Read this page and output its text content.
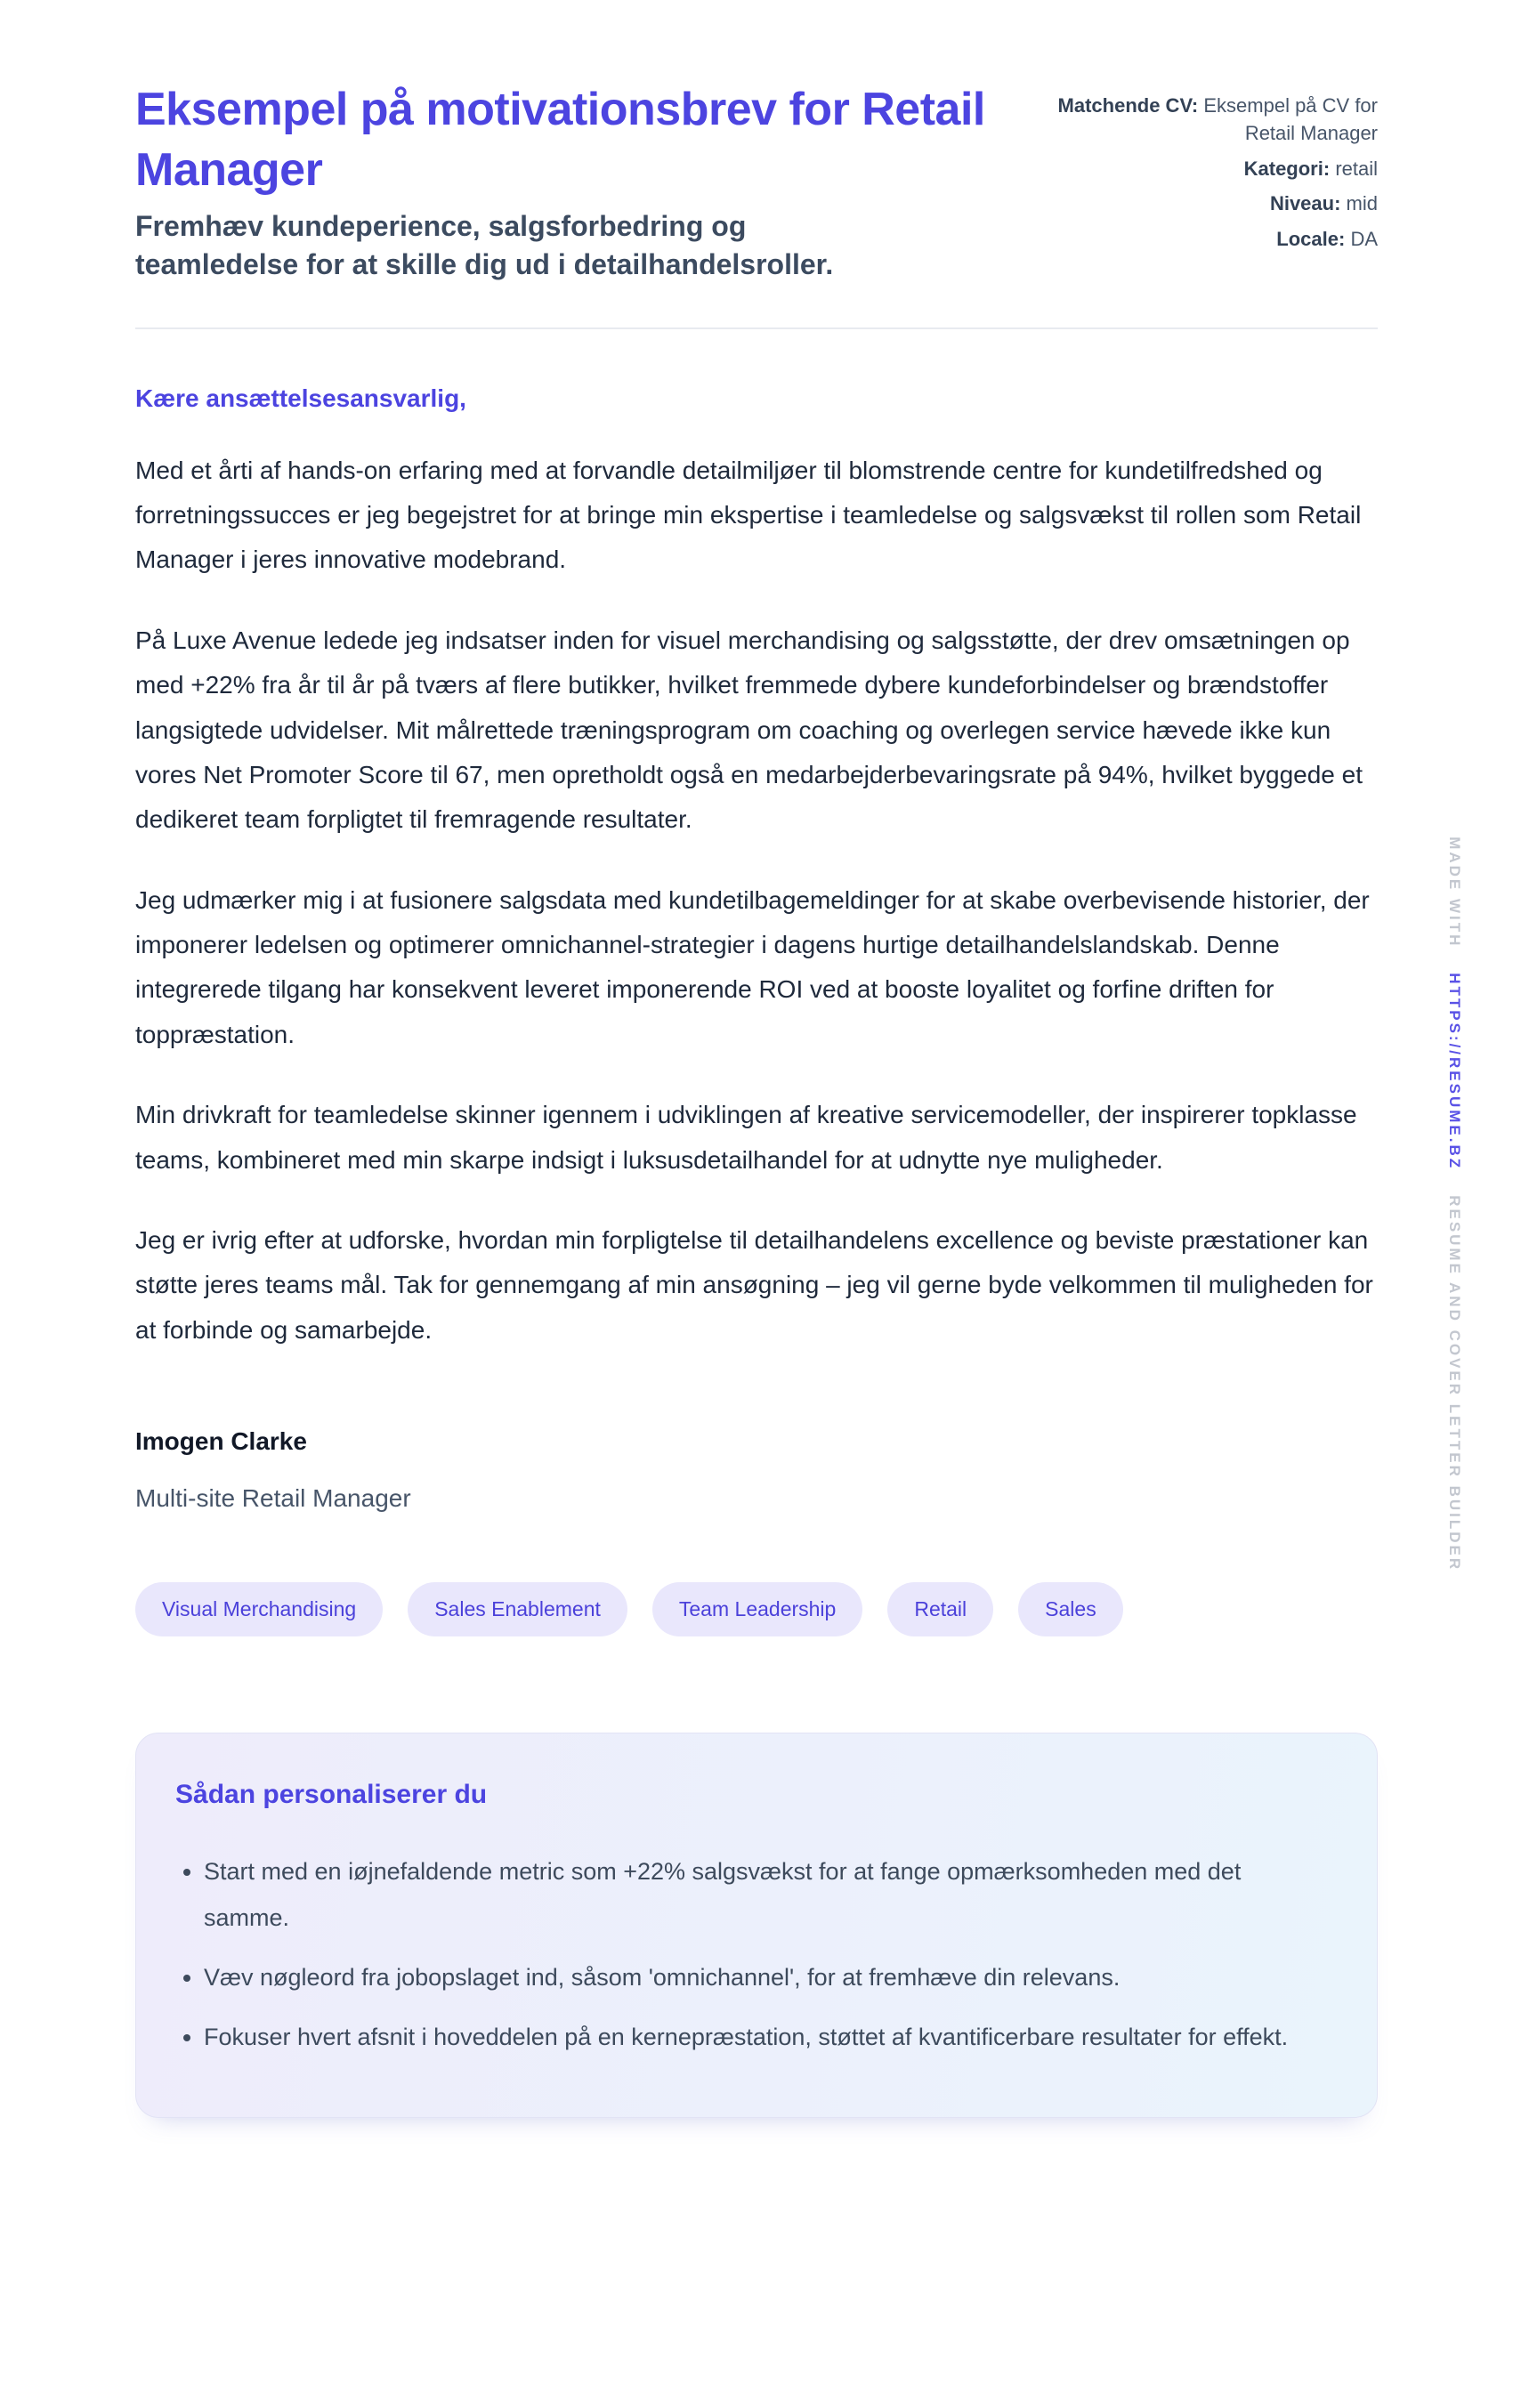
Eksempel på motivationsbrev for Retail Manager
Fremhæv kundeperience, salgsforbedring og teamledelse for at skille dig ud i detailhandelsroller.
Matchende CV: Eksempel på CV for Retail Manager
Kategori: retail
Niveau: mid
Locale: DA

Kære ansættelsesansvarlig,

Med et årti af hands-on erfaring med at forvandle detailmiljøer til blomstrende centre for kundetilfredshed og forretningssucces er jeg begejstret for at bringe min ekspertise i teamledelse og salgsvækst til rollen som Retail Manager i jeres innovative modebrand.

På Luxe Avenue ledede jeg indsatser inden for visuel merchandising og salgsstøtte, der drev omsætningen op med +22% fra år til år på tværs af flere butikker, hvilket fremmede dybere kundeforbindelser og brændstoffer langsigtede udvidelser. Mit målrettede træningsprogram om coaching og overlegen service hævede ikke kun vores Net Promoter Score til 67, men opretholdt også en medarbejderbevaringsrate på 94%, hvilket byggede et dedikeret team forpligtet til fremragende resultater.

Jeg udmærker mig i at fusionere salgsdata med kundetilbagemeldinger for at skabe overbevisende historier, der imponerer ledelsen og optimerer omnichannel-strategier i dagens hurtige detailhandelslandskab. Denne integrerede tilgang har konsekvent leveret imponerende ROI ved at booste loyalitet og forfine driften for toppræstation.

Min drivkraft for teamledelse skinner igennem i udviklingen af kreative servicemodeller, der inspirerer topklasse teams, kombineret med min skarpe indsigt i luksusdetailhandel for at udnytte nye muligheder.

Jeg er ivrig efter at udforske, hvordan min forpligtelse til detailhandelens excellence og beviste præstationer kan støtte jeres teams mål. Tak for gennemgang af min ansøgning – jeg vil gerne byde velkommen til muligheden for at forbinde og samarbejde.

Imogen Clarke

Multi-site Retail Manager

Visual Merchandising	Sales Enablement	Team Leadership	Retail	Sales
Sådan personaliserer du
• Start med en iøjnefaldende metric som +22% salgsvækst for at fange opmærksomheden med det samme.
• Væv nøgleord fra jobopslaget ind, såsom 'omnichannel', for at fremhæve din relevans.
• Fokuser hvert afsnit i hoveddelen på en kernepræstation, støttet af kvantificerbare resultater for effekt.
MADE WITH HTTPS://RESUME.BZ RESUME AND COVER LETTER BUILDER
